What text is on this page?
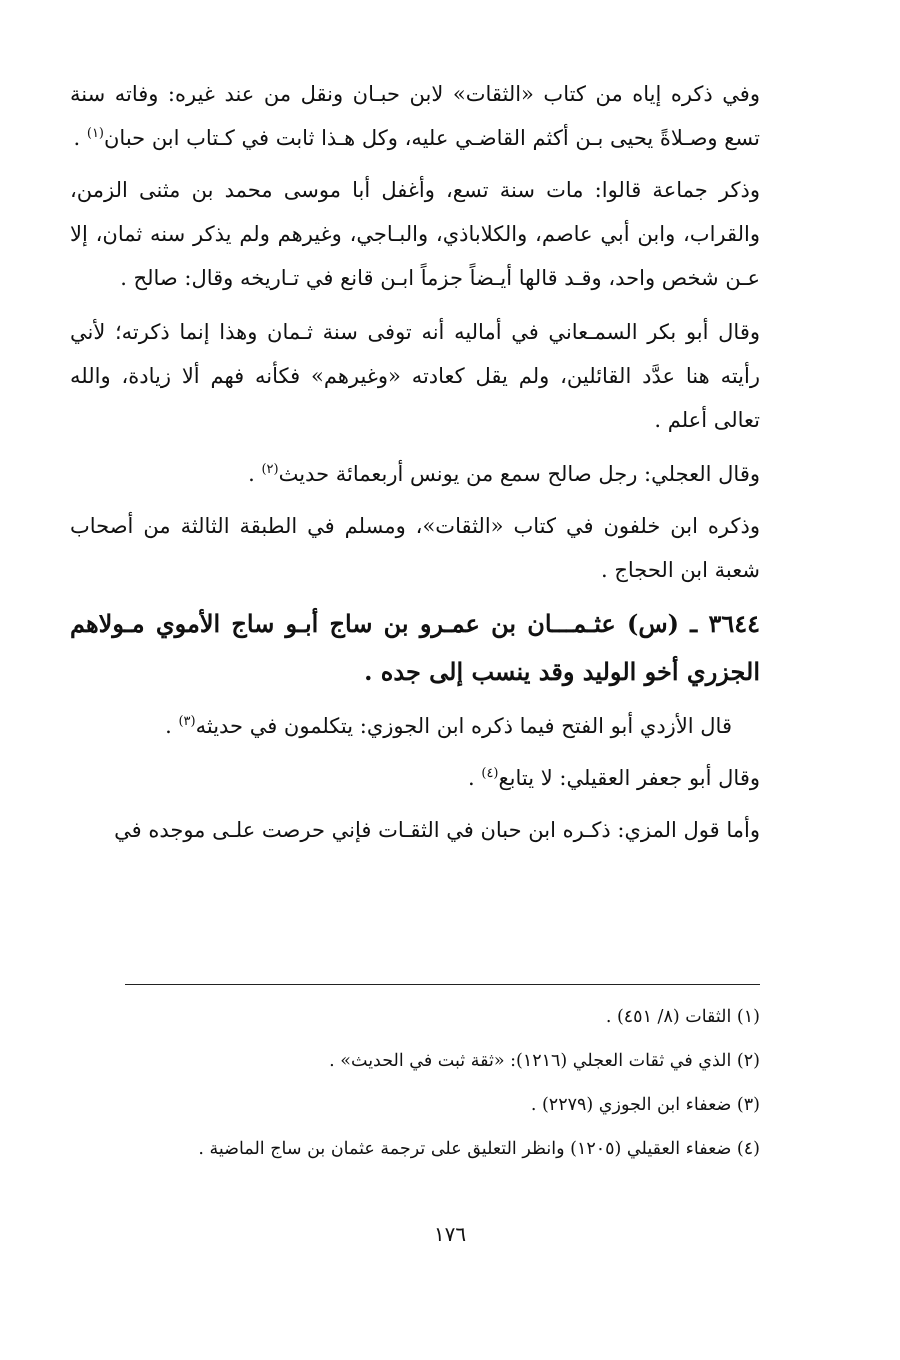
وفي ذكره إياه من كتاب «الثقات» لابن حبـان ونقل من عند غيره: وفاته سنة تسع وصـلاةً يحيى بـن أكثم القاضـي عليه، وكل هـذا ثابت في كـتاب ابن حبان$^{(١)}$ .

وذكر جماعة قالوا: مات سنة تسع، وأغفل أبا موسى محمد بن مثنى الزمن، والقراب، وابن أبي عاصم، والكلاباذي، والبـاجي، وغيرهم ولم يذكر سنه ثمان، إلا عـن شخص واحد، وقـد قالها أيـضاً جزماً ابـن قانع في تـاريخه وقال: صالح .

وقال أبو بكر السمـعاني في أماليه أنه توفى سنة ثـمان وهذا إنما ذكرته؛ لأني رأيته هنا عدَّد القائلين، ولم يقل كعادته «وغيرهم» فكأنه فهم ألا زيادة، والله تعالى أعلم .

وقال العجلي: رجل صالح سمع من يونس أربعمائة حديث$^{(٢)}$ .

وذكره ابن خلفون في كتاب «الثقات»، ومسلم في الطبقة الثالثة من أصحاب شعبة ابن الحجاج .

٣٦٤٤ ـ (س) عثـمـــان بن عمـرو بن ساج أبـو ساج الأموي مـولاهم الجزري أخو الوليد وقد ينسب إلى جده .

قال الأزدي أبو الفتح فيما ذكره ابن الجوزي: يتكلمون في حديثه$^{(٣)}$ .

وقال أبو جعفر العقيلي: لا يتابع$^{(٤)}$ .

وأما قول المزي: ذكـره ابن حبان في الثقـات فإني حرصت علـى موجده في

(١) الثقات (٨/ ٤٥١) .

(٢) الذي في ثقات العجلي (١٢١٦): «ثقة ثبت في الحديث» .

(٣) ضعفاء ابن الجوزي (٢٢٧٩) .

(٤) ضعفاء العقيلي (١٢٠٥) وانظر التعليق على ترجمة عثمان بن ساج الماضية .

١٧٦
